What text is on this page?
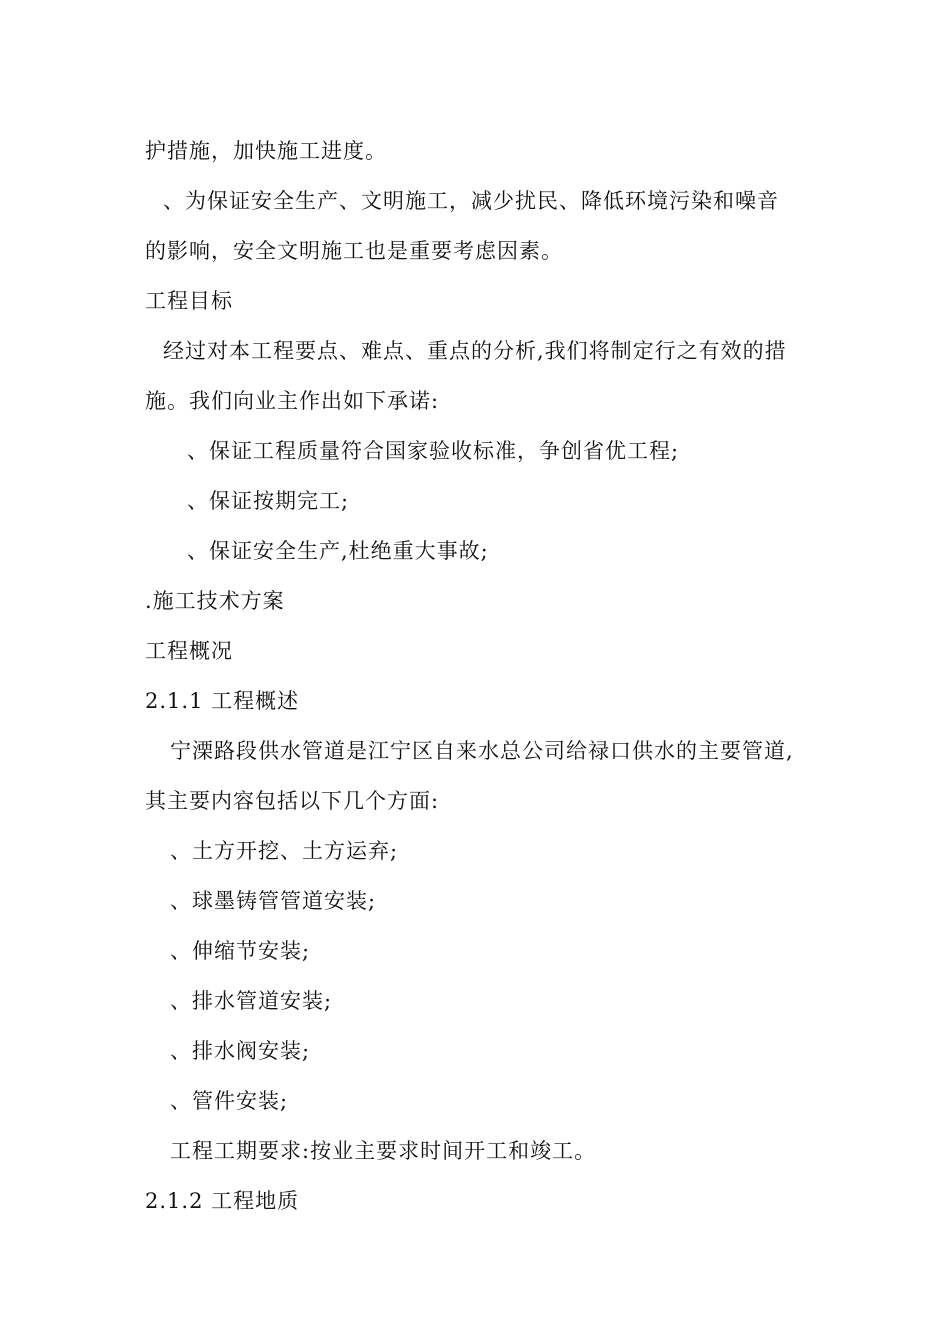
护措施，加快施工进度。
、为保证安全生产、文明施工，减少扰民、降低环境污染和噪音
的影响，安全文明施工也是重要考虑因素。
工程目标
经过对本工程要点、难点、重点的分析,我们将制定行之有效的措
施。我们向业主作出如下承诺:
、保证工程质量符合国家验收标准，争创省优工程;
、保证按期完工;
、保证安全生产,杜绝重大事故;
.施工技术方案
工程概况
2.1.1 工程概述
宁溧路段供水管道是江宁区自来水总公司给禄口供水的主要管道,
其主要内容包括以下几个方面:
、土方开挖、土方运弃;
、球墨铸管管道安装;
、伸缩节安装;
、排水管道安装;
、排水阀安装;
、管件安装;
工程工期要求:按业主要求时间开工和竣工。
2.1.2 工程地质
